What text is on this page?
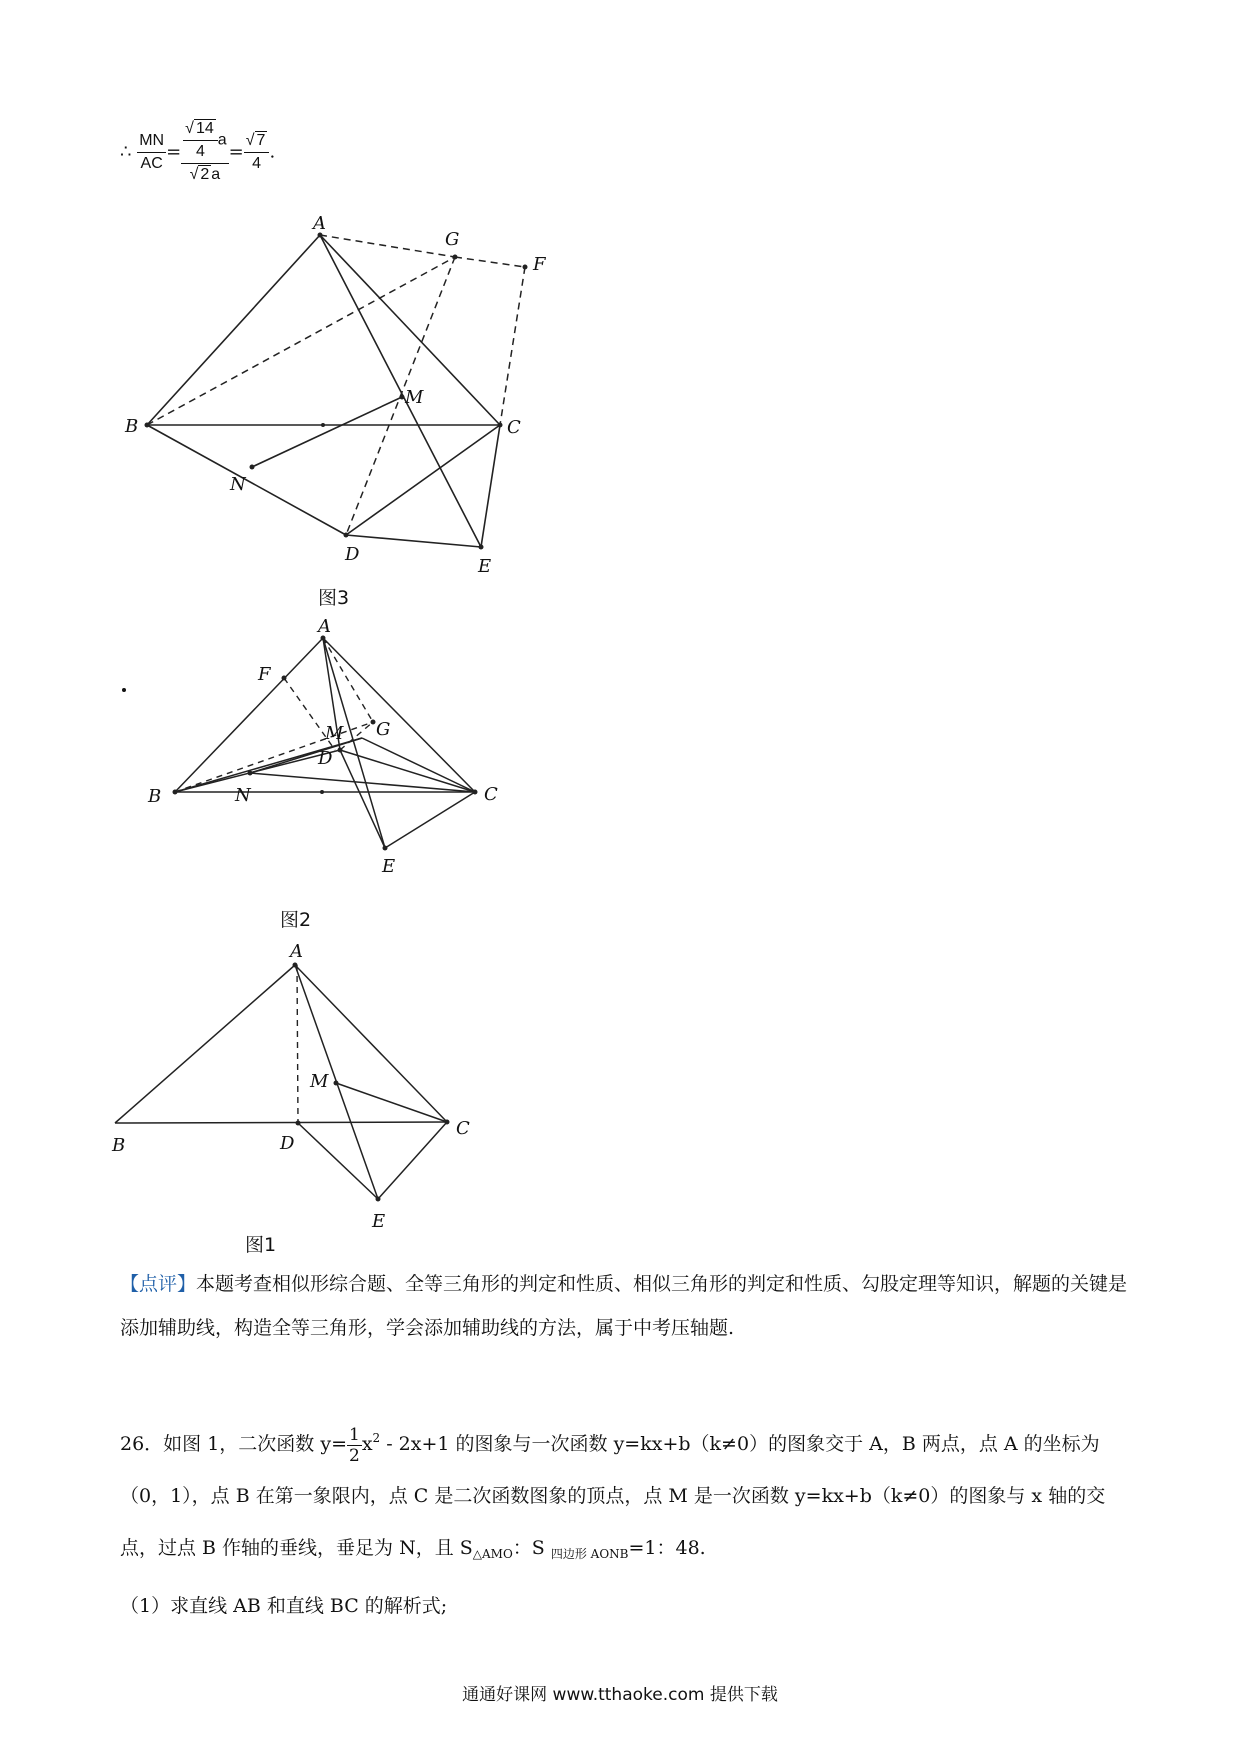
∴ $\frac{MN}{AC} = \frac{\frac{√ 14}{4} a}{√ 2 a} = \frac{√ 7}{4}$ .
A
B	C
D
E
F
G
M
N
图3
A
B	C
D
E
F
G
M
N
图2
A
B
C
D
E
M
图1
【点评】本题考查相似形综合题、全等三角形的判定和性质、相似三角形的判定和性质、勾股定理等知识，解题的关键是添加辅助线，构造全等三角形，学会添加辅助线的方法，属于中考压轴题.
26．如图 1，二次函数 $y= \frac{1}{2} x^2 - 2x+1$ 的图象与一次函数 y=kx+b（k≠0）的图象交于 A，B 两点，点 A 的坐标为（0，1），点 B 在第一象限内，点 C 是二次函数图象的顶点，点 M 是一次函数 y=kx+b（k≠0）的图象与 x 轴的交点，过点 B 作轴的垂线，垂足为 N，且 $S_{\triangle AMO}$：S $_{四边形 AONB}$=1：48.
（1）求直线 AB 和直线 BC 的解析式;
通通好课网 www.tthaoke.com 提供下载
